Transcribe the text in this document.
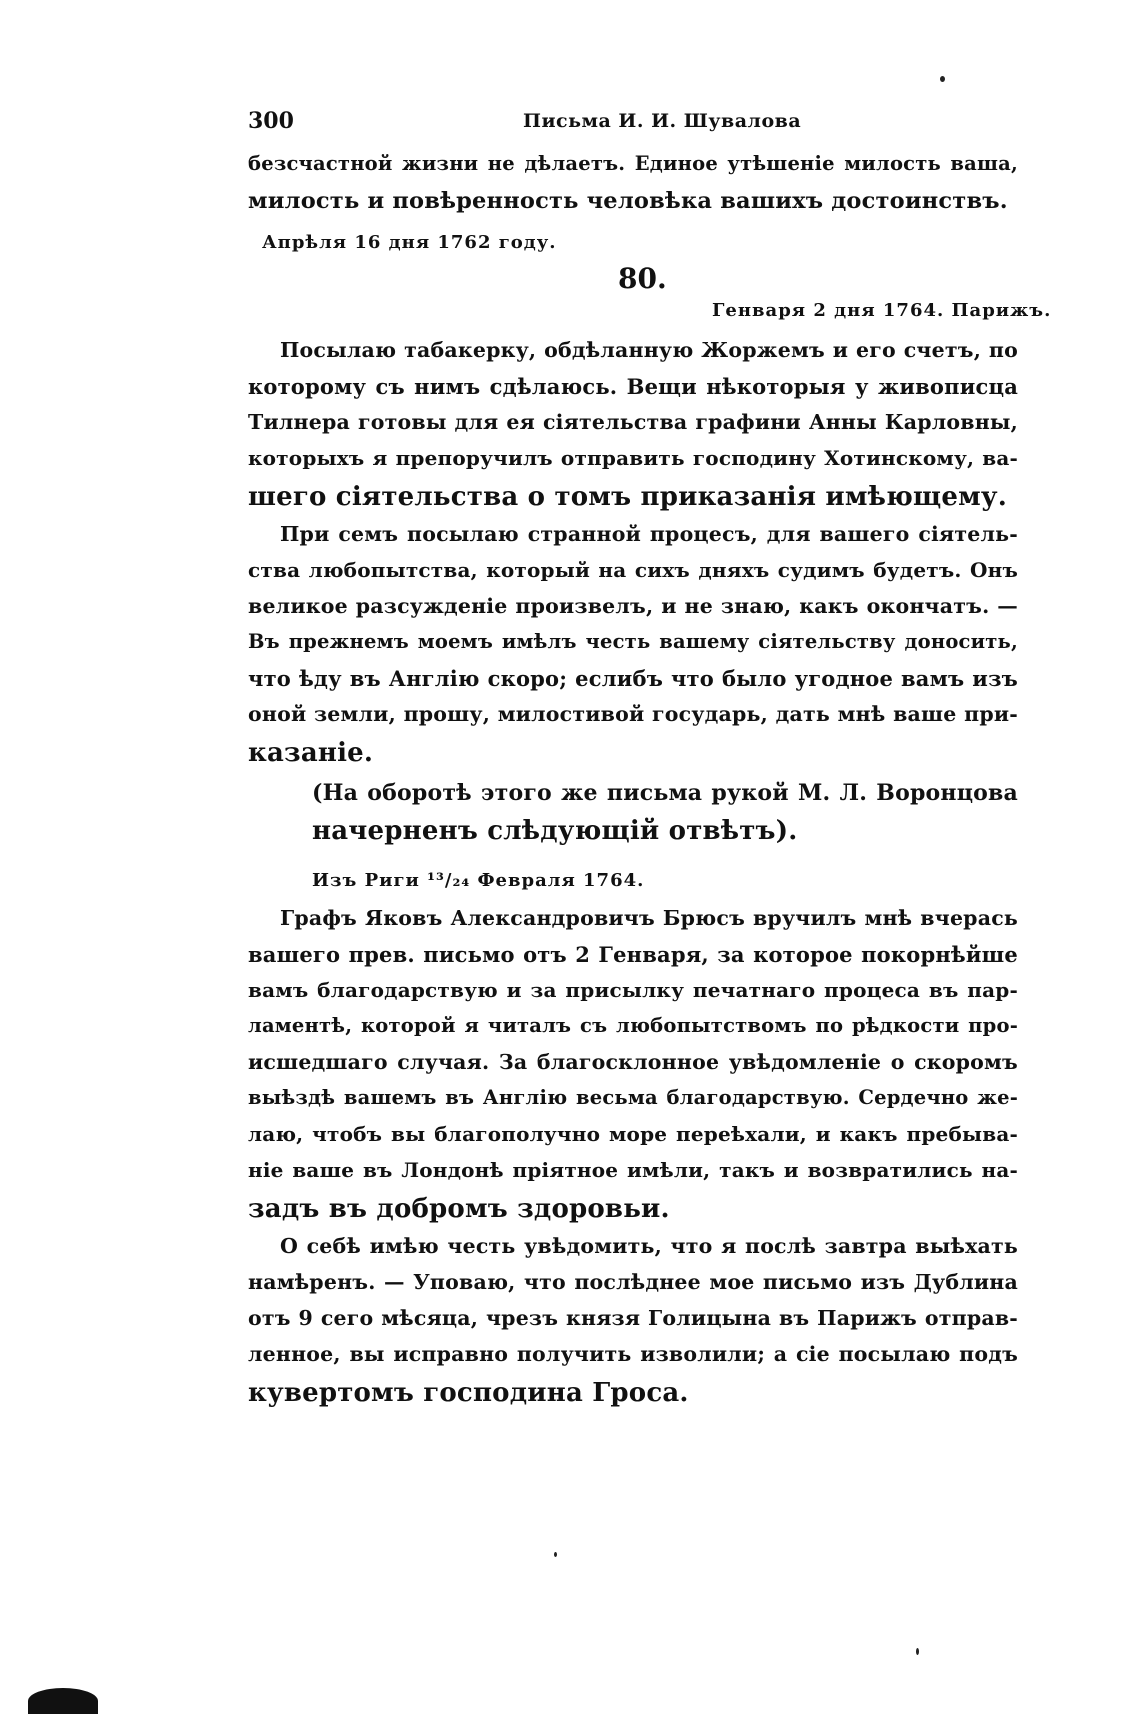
300	Письма И. И. Шувалова
безсчастной жизни не дѣлаетъ. Единое утѣшеніе милость ваша,
милость и повѣренность человѣка вашихъ достоинствъ.
Апрѣля 16 дня 1762 году.
80.
Генваря 2 дня 1764. Парижъ.
Посылаю табакерку, обдѣланную Жоржемъ и его счетъ, по
которому съ нимъ сдѣлаюсь. Вещи нѣкоторыя у живописца
Тилнера готовы для ея сіятельства графини Анны Карловны,
которыхъ я препоручилъ отправить господину Хотинскому, ва-
шего сіятельства о томъ приказанія имѣющему.
При семъ посылаю странной процесъ, для вашего сіятель-
ства любопытства, который на сихъ дняхъ судимъ будетъ. Онъ
великое разсужденіе произвелъ, и не знаю, какъ окончатъ. —
Въ прежнемъ моемъ имѣлъ честь вашему сіятельству доносить,
что ѣду въ Англію скоро; еслибъ что было угодное вамъ изъ
оной земли, прошу, милостивой государь, дать мнѣ ваше при-
казаніе.
(На оборотѣ этого же письма рукой М. Л. Воронцова
начерненъ слѣдующій отвѣтъ).
Изъ Риги ¹³/₂₄ Февраля 1764.
Графъ Яковъ Александровичъ Брюсъ вручилъ мнѣ вчерась
вашего прев. письмо отъ 2 Генваря, за которое покорнѣйше
вамъ благодарствую и за присылку печатнаго процеса въ пар-
ламентѣ, которой я читалъ съ любопытствомъ по рѣдкости про-
исшедшаго случая. За благосклонное увѣдомленіе о скоромъ
выѣздѣ вашемъ въ Англію весьма благодарствую. Сердечно же-
лаю, чтобъ вы благополучно море переѣхали, и какъ пребыва-
ніе ваше въ Лондонѣ пріятное имѣли, такъ и возвратились на-
задъ въ добромъ здоровьи.
О себѣ имѣю честь увѣдомить, что я послѣ завтра выѣхать
намѣренъ. — Уповаю, что послѣднее мое письмо изъ Дублина
отъ 9 сего мѣсяца, чрезъ князя Голицына въ Парижъ отправ-
ленное, вы исправно получить изволили; а сіе посылаю подъ
кувертомъ господина Гроса.
